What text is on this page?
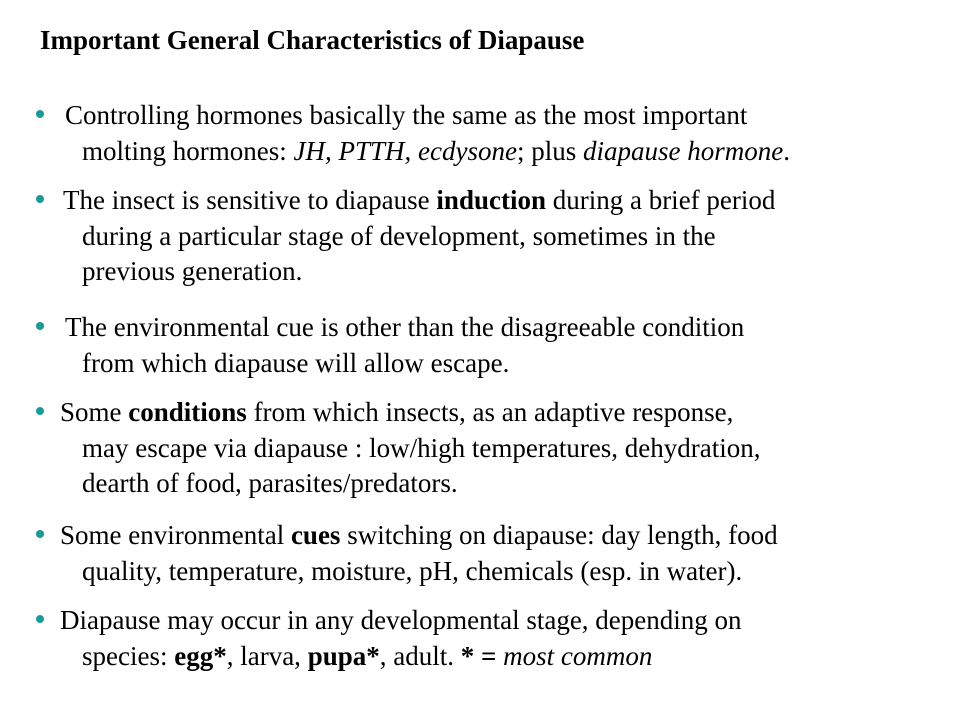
Important General Characteristics of Diapause
Controlling hormones basically the same as the most important
molting hormones: JH, PTTH, ecdysone; plus diapause hormone.
The insect is sensitive to diapause induction during a brief period
during a particular stage of development, sometimes in the
previous generation.
The environmental cue is other than the disagreeable condition
from which diapause will allow escape.
Some conditions from which insects, as an adaptive response,
may escape via diapause : low/high temperatures, dehydration,
dearth of food, parasites/predators.
Some environmental cues switching on diapause: day length, food
quality, temperature, moisture, pH, chemicals (esp. in water).
Diapause may occur in any developmental stage, depending on
species: egg*, larva, pupa*, adult. * = most common
